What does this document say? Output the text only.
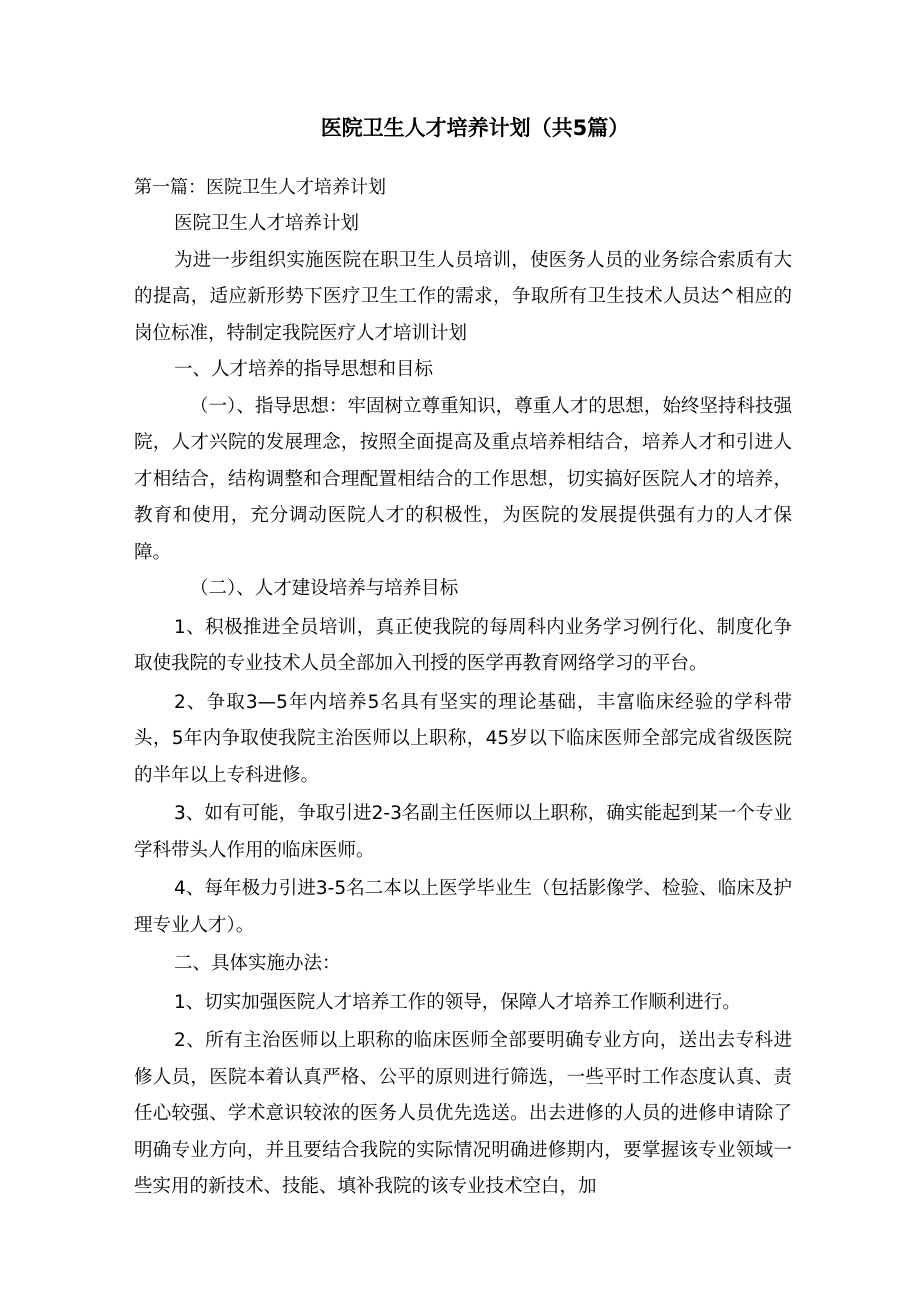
医院卫生人才培养计划（共5篇）

第一篇：医院卫生人才培养计划

医院卫生人才培养计划

为进一步组织实施医院在职卫生人员培训，使医务人员的业务综合索质有大的提高，适应新形势下医疗卫生工作的需求，争取所有卫生技术人员达^相应的岗位标准，特制定我院医疗人才培训计划

一、人才培养的指导思想和目标

（一）、指导思想：牢固树立尊重知识，尊重人才的思想，始终坚持科技强院，人才兴院的发展理念，按照全面提高及重点培养相结合，培养人才和引进人才相结合，结构调整和合理配置相结合的工作思想，切实搞好医院人才的培养，教育和使用，充分调动医院人才的积极性，为医院的发展提供强有力的人才保障。

（二）、人才建设培养与培养目标

1、积极推进全员培训，真正使我院的每周科内业务学习例行化、制度化争取使我院的专业技术人员全部加入刊授的医学再教育网络学习的平台。

2、争取3—5年内培养5名具有坚实的理论基础，丰富临床经验的学科带头，5年内争取使我院主治医师以上职称，45岁以下临床医师全部完成省级医院的半年以上专科进修。

3、如有可能，争取引进2-3名副主任医师以上职称，确实能起到某一个专业学科带头人作用的临床医师。

4、每年极力引进3-5名二本以上医学毕业生（包括影像学、检验、临床及护理专业人才）。

二、具体实施办法：

1、切实加强医院人才培养工作的领导，保障人才培养工作顺利进行。

2、所有主治医师以上职称的临床医师全部要明确专业方向，送出去专科进修人员，医院本着认真严格、公平的原则进行筛选，一些平时工作态度认真、责任心较强、学术意识较浓的医务人员优先选送。出去进修的人员的进修申请除了明确专业方向，并且要结合我院的实际情况明确进修期内，要掌握该专业领域一些实用的新技术、技能、填补我院的该专业技术空白，加
